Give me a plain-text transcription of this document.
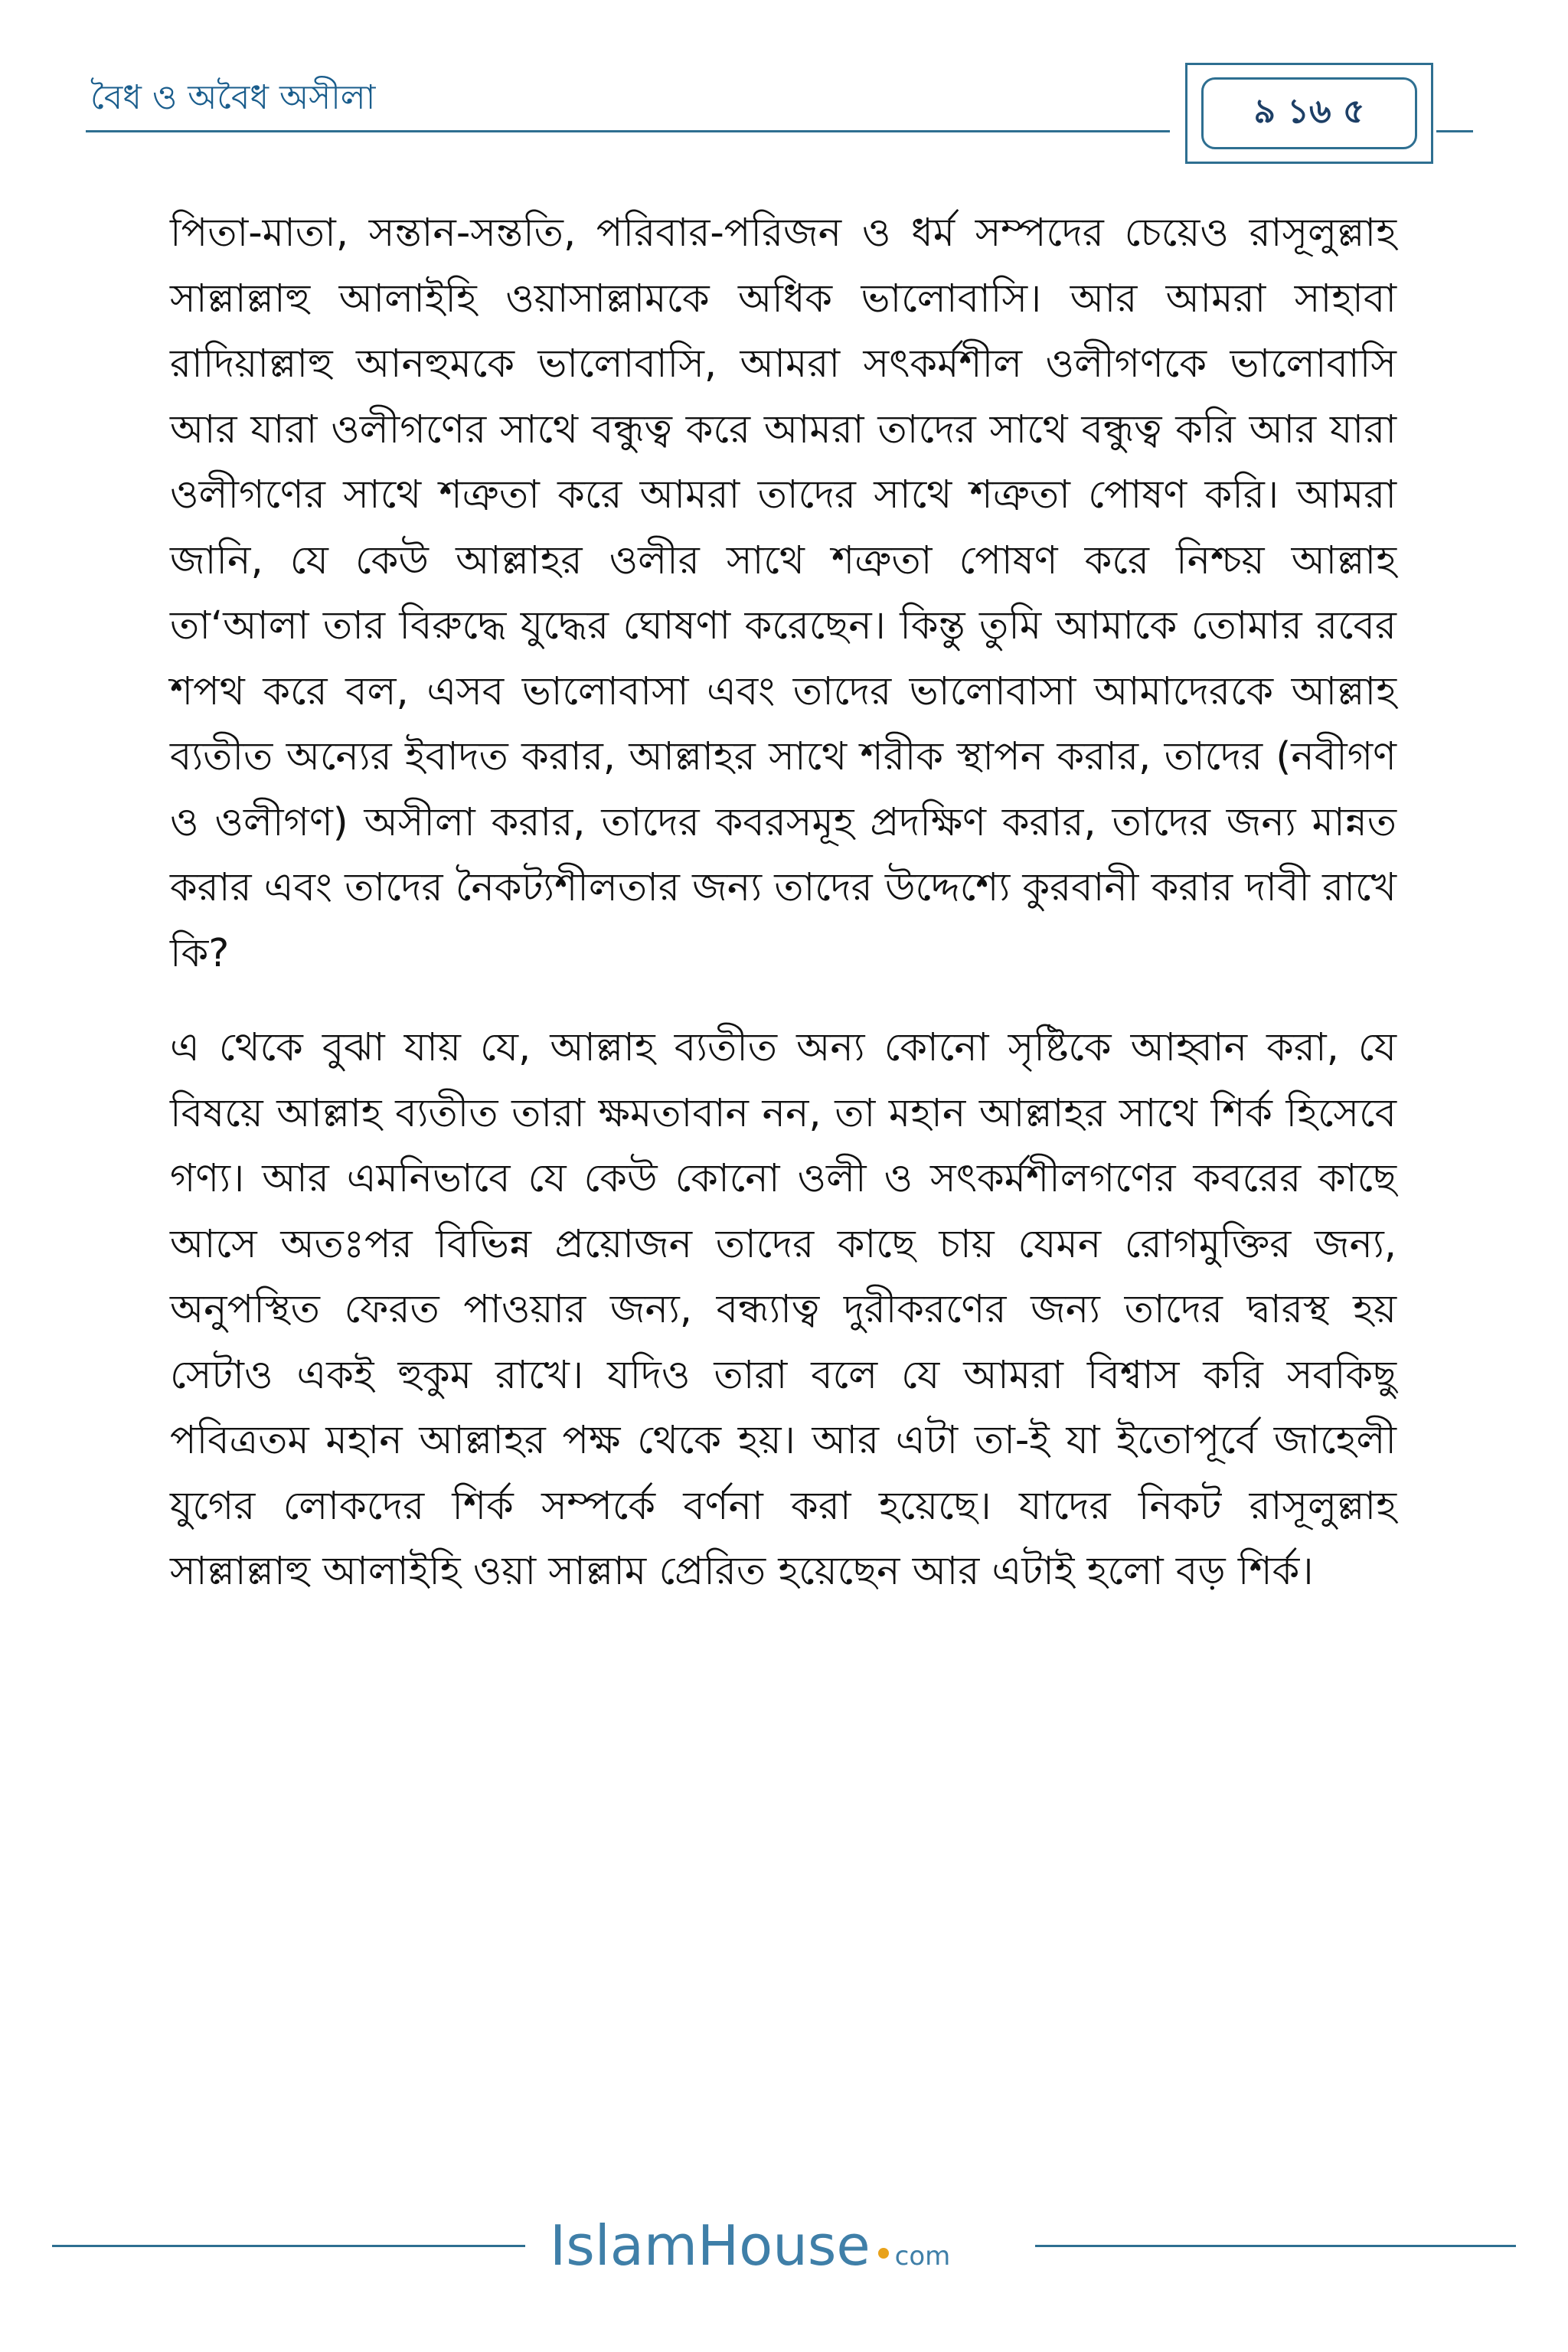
বৈধ ও অবৈধ অসীলা	৯ ১৬ ৫

পিতা-মাতা, সন্তান-সন্ততি, পরিবার-পরিজন ও ধর্ম সম্পদের চেয়েও রাসূলুল্লাহ সাল্লাল্লাহু আলাইহি ওয়াসাল্লামকে অধিক ভালোবাসি। আর আমরা সাহাবা রাদিয়াল্লাহু আনহুমকে ভালোবাসি, আমরা সৎকর্মশীল ওলীগণকে ভালোবাসি আর যারা ওলীগণের সাথে বন্ধুত্ব করে আমরা তাদের সাথে বন্ধুত্ব করি আর যারা ওলীগণের সাথে শত্রুতা করে আমরা তাদের সাথে শত্রুতা পোষণ করি। আমরা জানি, যে কেউ আল্লাহর ওলীর সাথে শত্রুতা পোষণ করে নিশ্চয় আল্লাহ তা‘আলা তার বিরুদ্ধে যুদ্ধের ঘোষণা করেছেন। কিন্তু তুমি আমাকে তোমার রবের শপথ করে বল, এসব ভালোবাসা এবং তাদের ভালোবাসা আমাদেরকে আল্লাহ ব্যতীত অন্যের ইবাদত করার, আল্লাহর সাথে শরীক স্থাপন করার, তাদের (নবীগণ ও ওলীগণ) অসীলা করার, তাদের কবরসমূহ প্রদক্ষিণ করার, তাদের জন্য মান্নত করার এবং তাদের নৈকট্যশীলতার জন্য তাদের উদ্দেশ্যে কুরবানী করার দাবী রাখে কি?

এ থেকে বুঝা যায় যে, আল্লাহ ব্যতীত অন্য কোনো সৃষ্টিকে আহ্বান করা, যে বিষয়ে আল্লাহ ব্যতীত তারা ক্ষমতাবান নন, তা মহান আল্লাহর সাথে শির্ক হিসেবে গণ্য। আর এমনিভাবে যে কেউ কোনো ওলী ও সৎকর্মশীলগণের কবরের কাছে আসে অতঃপর বিভিন্ন প্রয়োজন তাদের কাছে চায় যেমন রোগমুক্তির জন্য, অনুপস্থিত ফেরত পাওয়ার জন্য, বন্ধ্যাত্ব দুরীকরণের জন্য তাদের দ্বারস্থ হয় সেটাও একই হুকুম রাখে। যদিও তারা বলে যে আমরা বিশ্বাস করি সবকিছু পবিত্রতম মহান আল্লাহর পক্ষ থেকে হয়। আর এটা তা-ই যা ইতোপূর্বে জাহেলী যুগের লোকদের শির্ক সম্পর্কে বর্ণনা করা হয়েছে। যাদের নিকট রাসূলুল্লাহ সাল্লাল্লাহু আলাইহি ওয়া সাল্লাম প্রেরিত হয়েছেন আর এটাই হলো বড় শির্ক।

IslamHouse com
